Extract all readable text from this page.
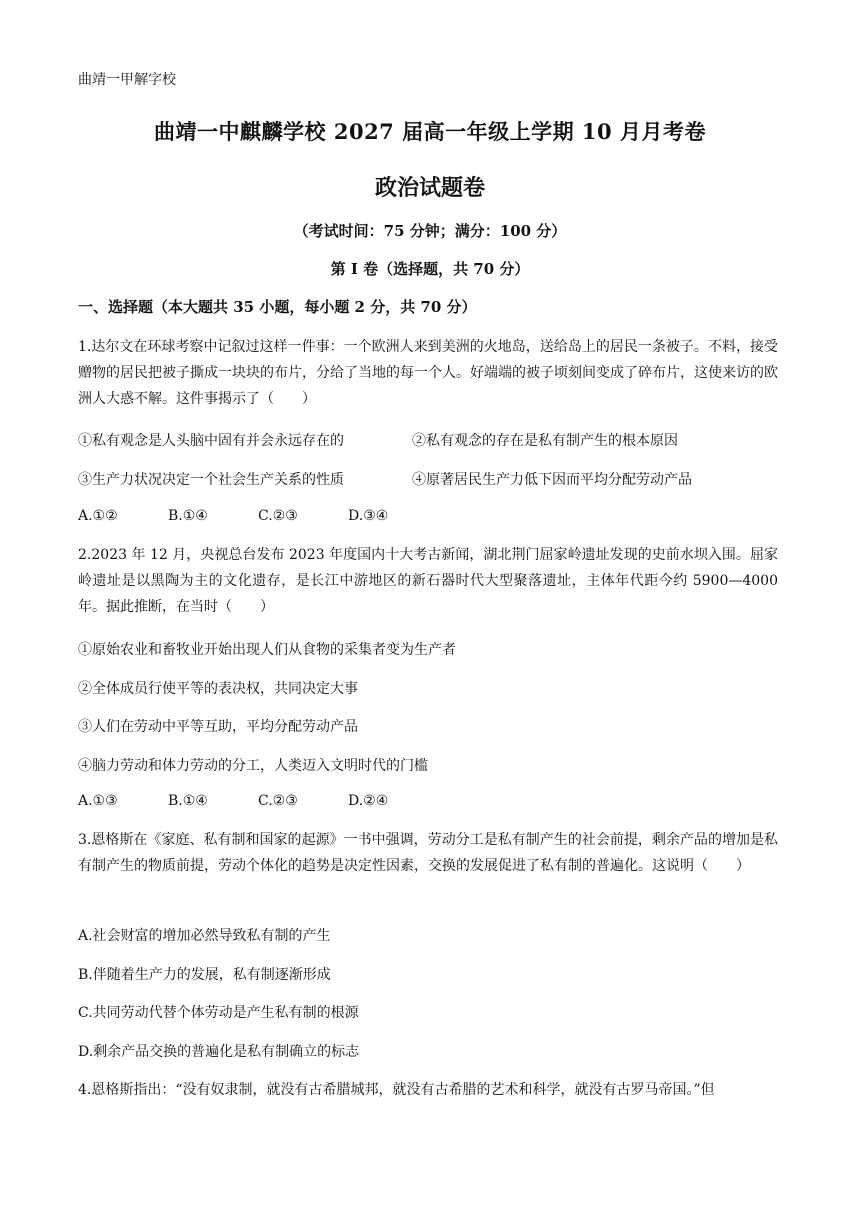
曲靖一甲解字校
曲靖一中麒麟学校 2027 届高一年级上学期 10 月月考卷
政治试题卷
（考试时间：75 分钟；满分：100 分）
第 I 卷（选择题，共 70 分）
一、选择题（本大题共 35 小题，每小题 2 分，共 70 分）
1.达尔文在环球考察中记叙过这样一件事：一个欧洲人来到美洲的火地岛，送给岛上的居民一条被子。不料，接受赠物的居民把被子撕成一块块的布片，分给了当地的每一个人。好端端的被子顷刻间变成了碎布片，这使来访的欧洲人大惑不解。这件事揭示了（　　）
①私有观念是人头脑中固有并会永远存在的	②私有观念的存在是私有制产生的根本原因
③生产力状况决定一个社会生产关系的性质	④原著居民生产力低下因而平均分配劳动产品
A.①②	B.①④	C.②③	D.③④
2.2023 年 12 月，央视总台发布 2023 年度国内十大考古新闻，湖北荆门屈家岭遗址发现的史前水坝入围。屈家岭遗址是以黑陶为主的文化遗存，是长江中游地区的新石器时代大型聚落遗址，主体年代距今约 5900—4000 年。据此推断，在当时（　　）
①原始农业和畜牧业开始出现人们从食物的采集者变为生产者
②全体成员行使平等的表决权，共同决定大事
③人们在劳动中平等互助，平均分配劳动产品
④脑力劳动和体力劳动的分工，人类迈入文明时代的门槛
A.①③	B.①④	C.②③	D.②④
3.恩格斯在《家庭、私有制和国家的起源》一书中强调，劳动分工是私有制产生的社会前提，剩余产品的增加是私有制产生的物质前提，劳动个体化的趋势是决定性因素，交换的发展促进了私有制的普遍化。这说明（　　）
A.社会财富的增加必然导致私有制的产生
B.伴随着生产力的发展，私有制逐渐形成
C.共同劳动代替个体劳动是产生私有制的根源
D.剩余产品交换的普遍化是私有制确立的标志
4.恩格斯指出：“没有奴隶制，就没有古希腊城邦，就没有古希腊的艺术和科学，就没有古罗马帝国。”但
